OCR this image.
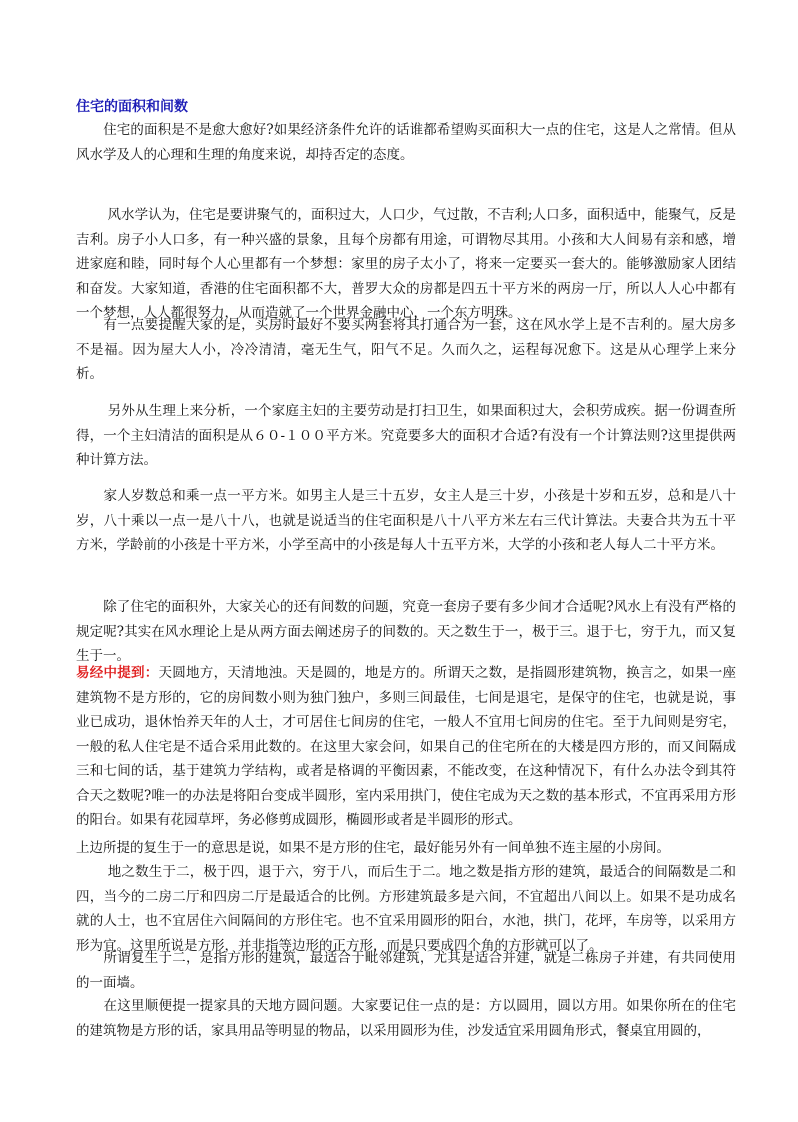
住宅的面积和间数

　　住宅的面积是不是愈大愈好?如果经济条件允许的话谁都希望购买面积大一点的住宅，这是人之常情。但从风水学及人的心理和生理的角度来说，却持否定的态度。

　　 风水学认为，住宅是要讲聚气的，面积过大，人口少，气过散，不吉利;人口多，面积适中，能聚气，反是吉利。房子小人口多，有一种兴盛的景象，且每个房都有用途，可谓物尽其用。小孩和大人间易有亲和感，增进家庭和睦，同时每个人心里都有一个梦想：家里的房子太小了，将来一定要买一套大的。能够激励家人团结和奋发。大家知道，香港的住宅面积都不大，普罗大众的房都是四五十平方米的两房一厅，所以人人心中都有一个梦想，人人都很努力，从而造就了一个世界金融中心，一个东方明珠。

　　有一点要提醒大家的是，买房时最好不要买两套将其打通合为一套，这在风水学上是不吉利的。屋大房多不是福。因为屋大人小，冷冷清清，毫无生气，阳气不足。久而久之，运程每况愈下。这是从心理学上来分析。

　　 另外从生理上来分析，一个家庭主妇的主要劳动是打扫卫生，如果面积过大，会积劳成疾。据一份调查所得，一个主妇清洁的面积是从６０-１００平方米。究竟要多大的面积才合适?有没有一个计算法则?这里提供两种计算方法。

　　家人岁数总和乘一点一平方米。如男主人是三十五岁，女主人是三十岁，小孩是十岁和五岁，总和是八十岁，八十乘以一点一是八十八，也就是说适当的住宅面积是八十八平方米左右三代计算法。夫妻合共为五十平方米，学龄前的小孩是十平方米，小学至高中的小孩是每人十五平方米，大学的小孩和老人每人二十平方米。

　　除了住宅的面积外，大家关心的还有间数的问题，究竟一套房子要有多少间才合适呢?风水上有没有严格的规定呢?其实在风水理论上是从两方面去阐述房子的间数的。天之数生于一，极于三。退于七，穷于九，而又复生于一。

易经中提到：天圆地方，天清地浊。天是圆的，地是方的。所谓天之数，是指圆形建筑物，换言之，如果一座建筑物不是方形的，它的房间数小则为独门独户，多则三间最佳，七间是退宅，是保守的住宅，也就是说，事业已成功，退休怡养天年的人士，才可居住七间房的住宅，一般人不宜用七间房的住宅。至于九间则是穷宅，一般的私人住宅是不适合采用此数的。在这里大家会问，如果自己的住宅所在的大楼是四方形的，而又间隔成三和七间的话，基于建筑力学结构，或者是格调的平衡因素，不能改变，在这种情况下，有什么办法令到其符合天之数呢?唯一的办法是将阳台变成半圆形，室内采用拱门，使住宅成为天之数的基本形式，不宜再采用方形的阳台。如果有花园草坪，务必修剪成圆形，椭圆形或者是半圆形的形式。

上边所提的复生于一的意思是说，如果不是方形的住宅，最好能另外有一间单独不连主屋的小房间。

　　 地之数生于二，极于四，退于六，穷于八，而后生于二。地之数是指方形的建筑，最适合的间隔数是二和四，当今的二房二厅和四房二厅是最适合的比例。方形建筑最多是六间，不宜超出八间以上。如果不是功成名就的人士，也不宜居住六间隔间的方形住宅。也不宜采用圆形的阳台，水池，拱门，花坪，车房等，以采用方形为宜。这里所说是方形，并非指等边形的正方形，而是只要成四个角的方形就可以了。

　　所谓复生于二，是指方形的建筑，最适合于毗邻建筑，尤其是适合并建，就是二栋房子并建，有共同使用的一面墙。

　　在这里顺便提一提家具的天地方圆问题。大家要记住一点的是：方以圆用，圆以方用。如果你所在的住宅的建筑物是方形的话，家具用品等明显的物品，以采用圆形为佳，沙发适宜采用圆角形式，餐桌宜用圆的，
